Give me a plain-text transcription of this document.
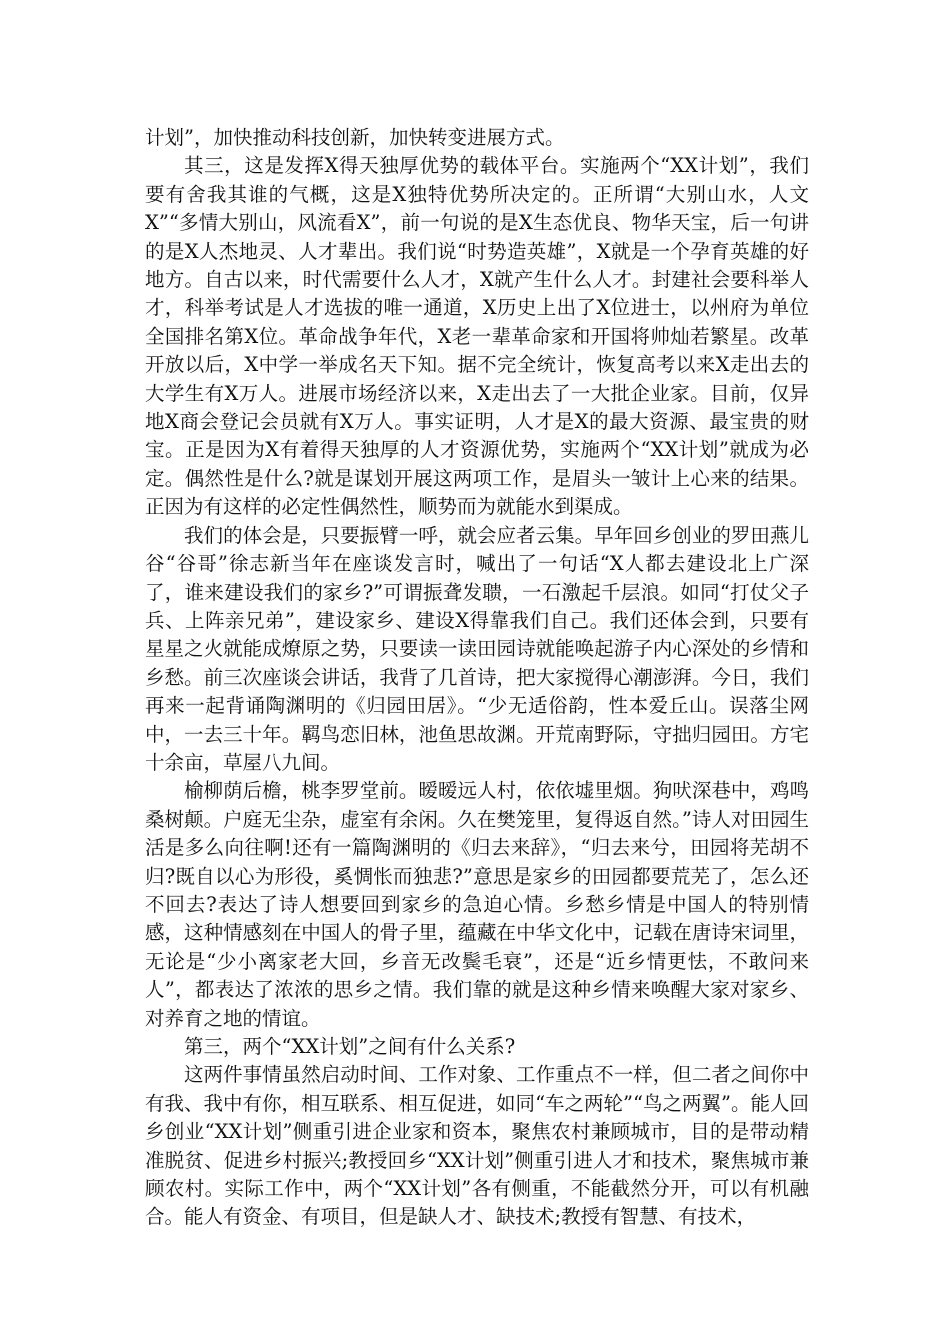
计划”，加快推动科技创新，加快转变进展方式。

其三，这是发挥X得天独厚优势的载体平台。实施两个“XX计划”，我们要有舍我其谁的气概，这是X独特优势所决定的。正所谓“大别山水，人文X”“多情大别山，风流看X”，前一句说的是X生态优良、物华天宝，后一句讲的是X人杰地灵、人才辈出。我们说“时势造英雄”，X就是一个孕育英雄的好地方。自古以来，时代需要什么人才，X就产生什么人才。封建社会要科举人才，科举考试是人才选拔的唯一通道，X历史上出了X位进士，以州府为单位全国排名第X位。革命战争年代，X老一辈革命家和开国将帅灿若繁星。改革开放以后，X中学一举成名天下知。据不完全统计，恢复高考以来X走出去的大学生有X万人。进展市场经济以来，X走出去了一大批企业家。目前，仅异地X商会登记会员就有X万人。事实证明，人才是X的最大资源、最宝贵的财宝。正是因为X有着得天独厚的人才资源优势，实施两个“XX计划”就成为必定。偶然性是什么?就是谋划开展这两项工作，是眉头一皱计上心来的结果。正因为有这样的必定性偶然性，顺势而为就能水到渠成。

我们的体会是，只要振臂一呼，就会应者云集。早年回乡创业的罗田燕儿谷“谷哥”徐志新当年在座谈发言时，喊出了一句话“X人都去建设北上广深了，谁来建设我们的家乡?”可谓振聋发聩，一石激起千层浪。如同“打仗父子兵、上阵亲兄弟”，建设家乡、建设X得靠我们自己。我们还体会到，只要有星星之火就能成燎原之势，只要读一读田园诗就能唤起游子内心深处的乡情和乡愁。前三次座谈会讲话，我背了几首诗，把大家搅得心潮澎湃。今日，我们再来一起背诵陶渊明的《归园田居》。“少无适俗韵，性本爱丘山。误落尘网中，一去三十年。羁鸟恋旧林，池鱼思故渊。开荒南野际，守拙归园田。方宅十余亩，草屋八九间。

榆柳荫后檐，桃李罗堂前。暧暧远人村，依依墟里烟。狗吠深巷中，鸡鸣桑树颠。户庭无尘杂，虚室有余闲。久在樊笼里，复得返自然。”诗人对田园生活是多么向往啊!还有一篇陶渊明的《归去来辞》，“归去来兮，田园将芜胡不归?既自以心为形役，奚惆怅而独悲?”意思是家乡的田园都要荒芜了，怎么还不回去?表达了诗人想要回到家乡的急迫心情。乡愁乡情是中国人的特别情感，这种情感刻在中国人的骨子里，蕴藏在中华文化中，记载在唐诗宋词里，无论是“少小离家老大回，乡音无改鬓毛衰”，还是“近乡情更怯，不敢问来人”，都表达了浓浓的思乡之情。我们靠的就是这种乡情来唤醒大家对家乡、对养育之地的情谊。

第三，两个“XX计划”之间有什么关系?

这两件事情虽然启动时间、工作对象、工作重点不一样，但二者之间你中有我、我中有你，相互联系、相互促进，如同“车之两轮”“鸟之两翼”。能人回乡创业“XX计划”侧重引进企业家和资本，聚焦农村兼顾城市，目的是带动精准脱贫、促进乡村振兴;教授回乡“XX计划”侧重引进人才和技术，聚焦城市兼顾农村。实际工作中，两个“XX计划”各有侧重，不能截然分开，可以有机融合。能人有资金、有项目，但是缺人才、缺技术;教授有智慧、有技术，
